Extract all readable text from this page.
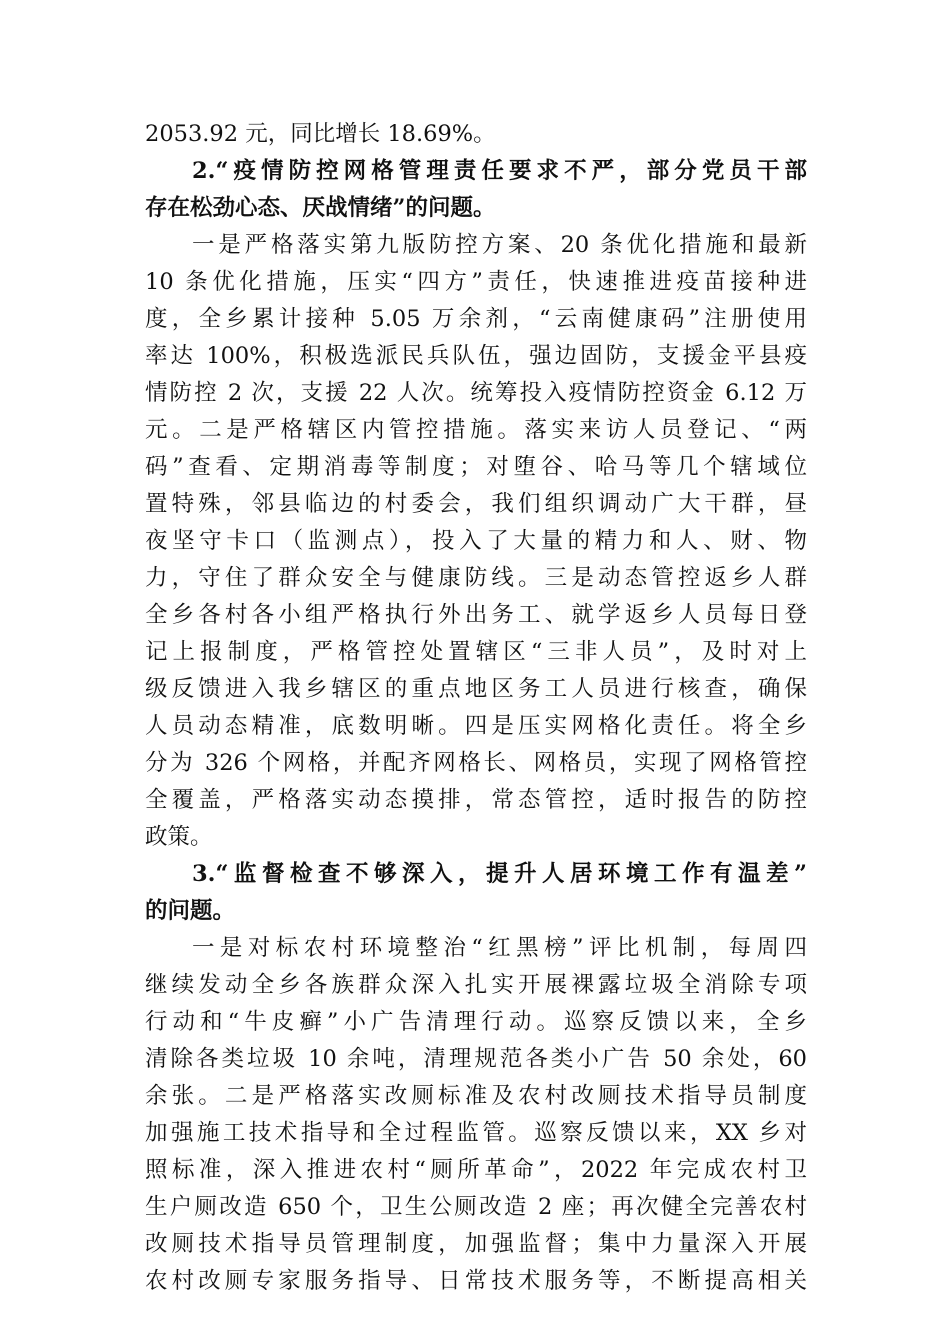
2053.92 元，同比增长 18.69%。
2.“疫情防控网格管理责任要求不严，部分党员干部
存在松劲心态、厌战情绪”的问题。
一是严格落实第九版防控方案、20 条优化措施和最新
10 条优化措施，压实“四方”责任，快速推进疫苗接种进
度，全乡累计接种 5.05 万余剂，“云南健康码”注册使用
率达 100%，积极选派民兵队伍，强边固防，支援金平县疫
情防控 2 次，支援 22 人次。统筹投入疫情防控资金 6.12 万
元。二是严格辖区内管控措施。落实来访人员登记、“两
码”查看、定期消毒等制度；对堕谷、哈马等几个辖域位
置特殊，邻县临边的村委会，我们组织调动广大干群，昼
夜坚守卡口（监测点），投入了大量的精力和人、财、物
力，守住了群众安全与健康防线。三是动态管控返乡人群
全乡各村各小组严格执行外出务工、就学返乡人员每日登
记上报制度，严格管控处置辖区“三非人员”，及时对上
级反馈进入我乡辖区的重点地区务工人员进行核查，确保
人员动态精准，底数明晰。四是压实网格化责任。将全乡
分为 326 个网格，并配齐网格长、网格员，实现了网格管控
全覆盖，严格落实动态摸排，常态管控，适时报告的防控
政策。
3.“监督检查不够深入，提升人居环境工作有温差”
的问题。
一是对标农村环境整治“红黑榜”评比机制，每周四
继续发动全乡各族群众深入扎实开展裸露垃圾全消除专项
行动和“牛皮癣”小广告清理行动。巡察反馈以来，全乡
清除各类垃圾 10 余吨，清理规范各类小广告 50 余处，60
余张。二是严格落实改厕标准及农村改厕技术指导员制度
加强施工技术指导和全过程监管。巡察反馈以来，XX 乡对
照标准，深入推进农村“厕所革命”，2022 年完成农村卫
生户厕改造 650 个，卫生公厕改造 2 座；再次健全完善农村
改厕技术指导员管理制度，加强监督；集中力量深入开展
农村改厕专家服务指导、日常技术服务等，不断提高相关
